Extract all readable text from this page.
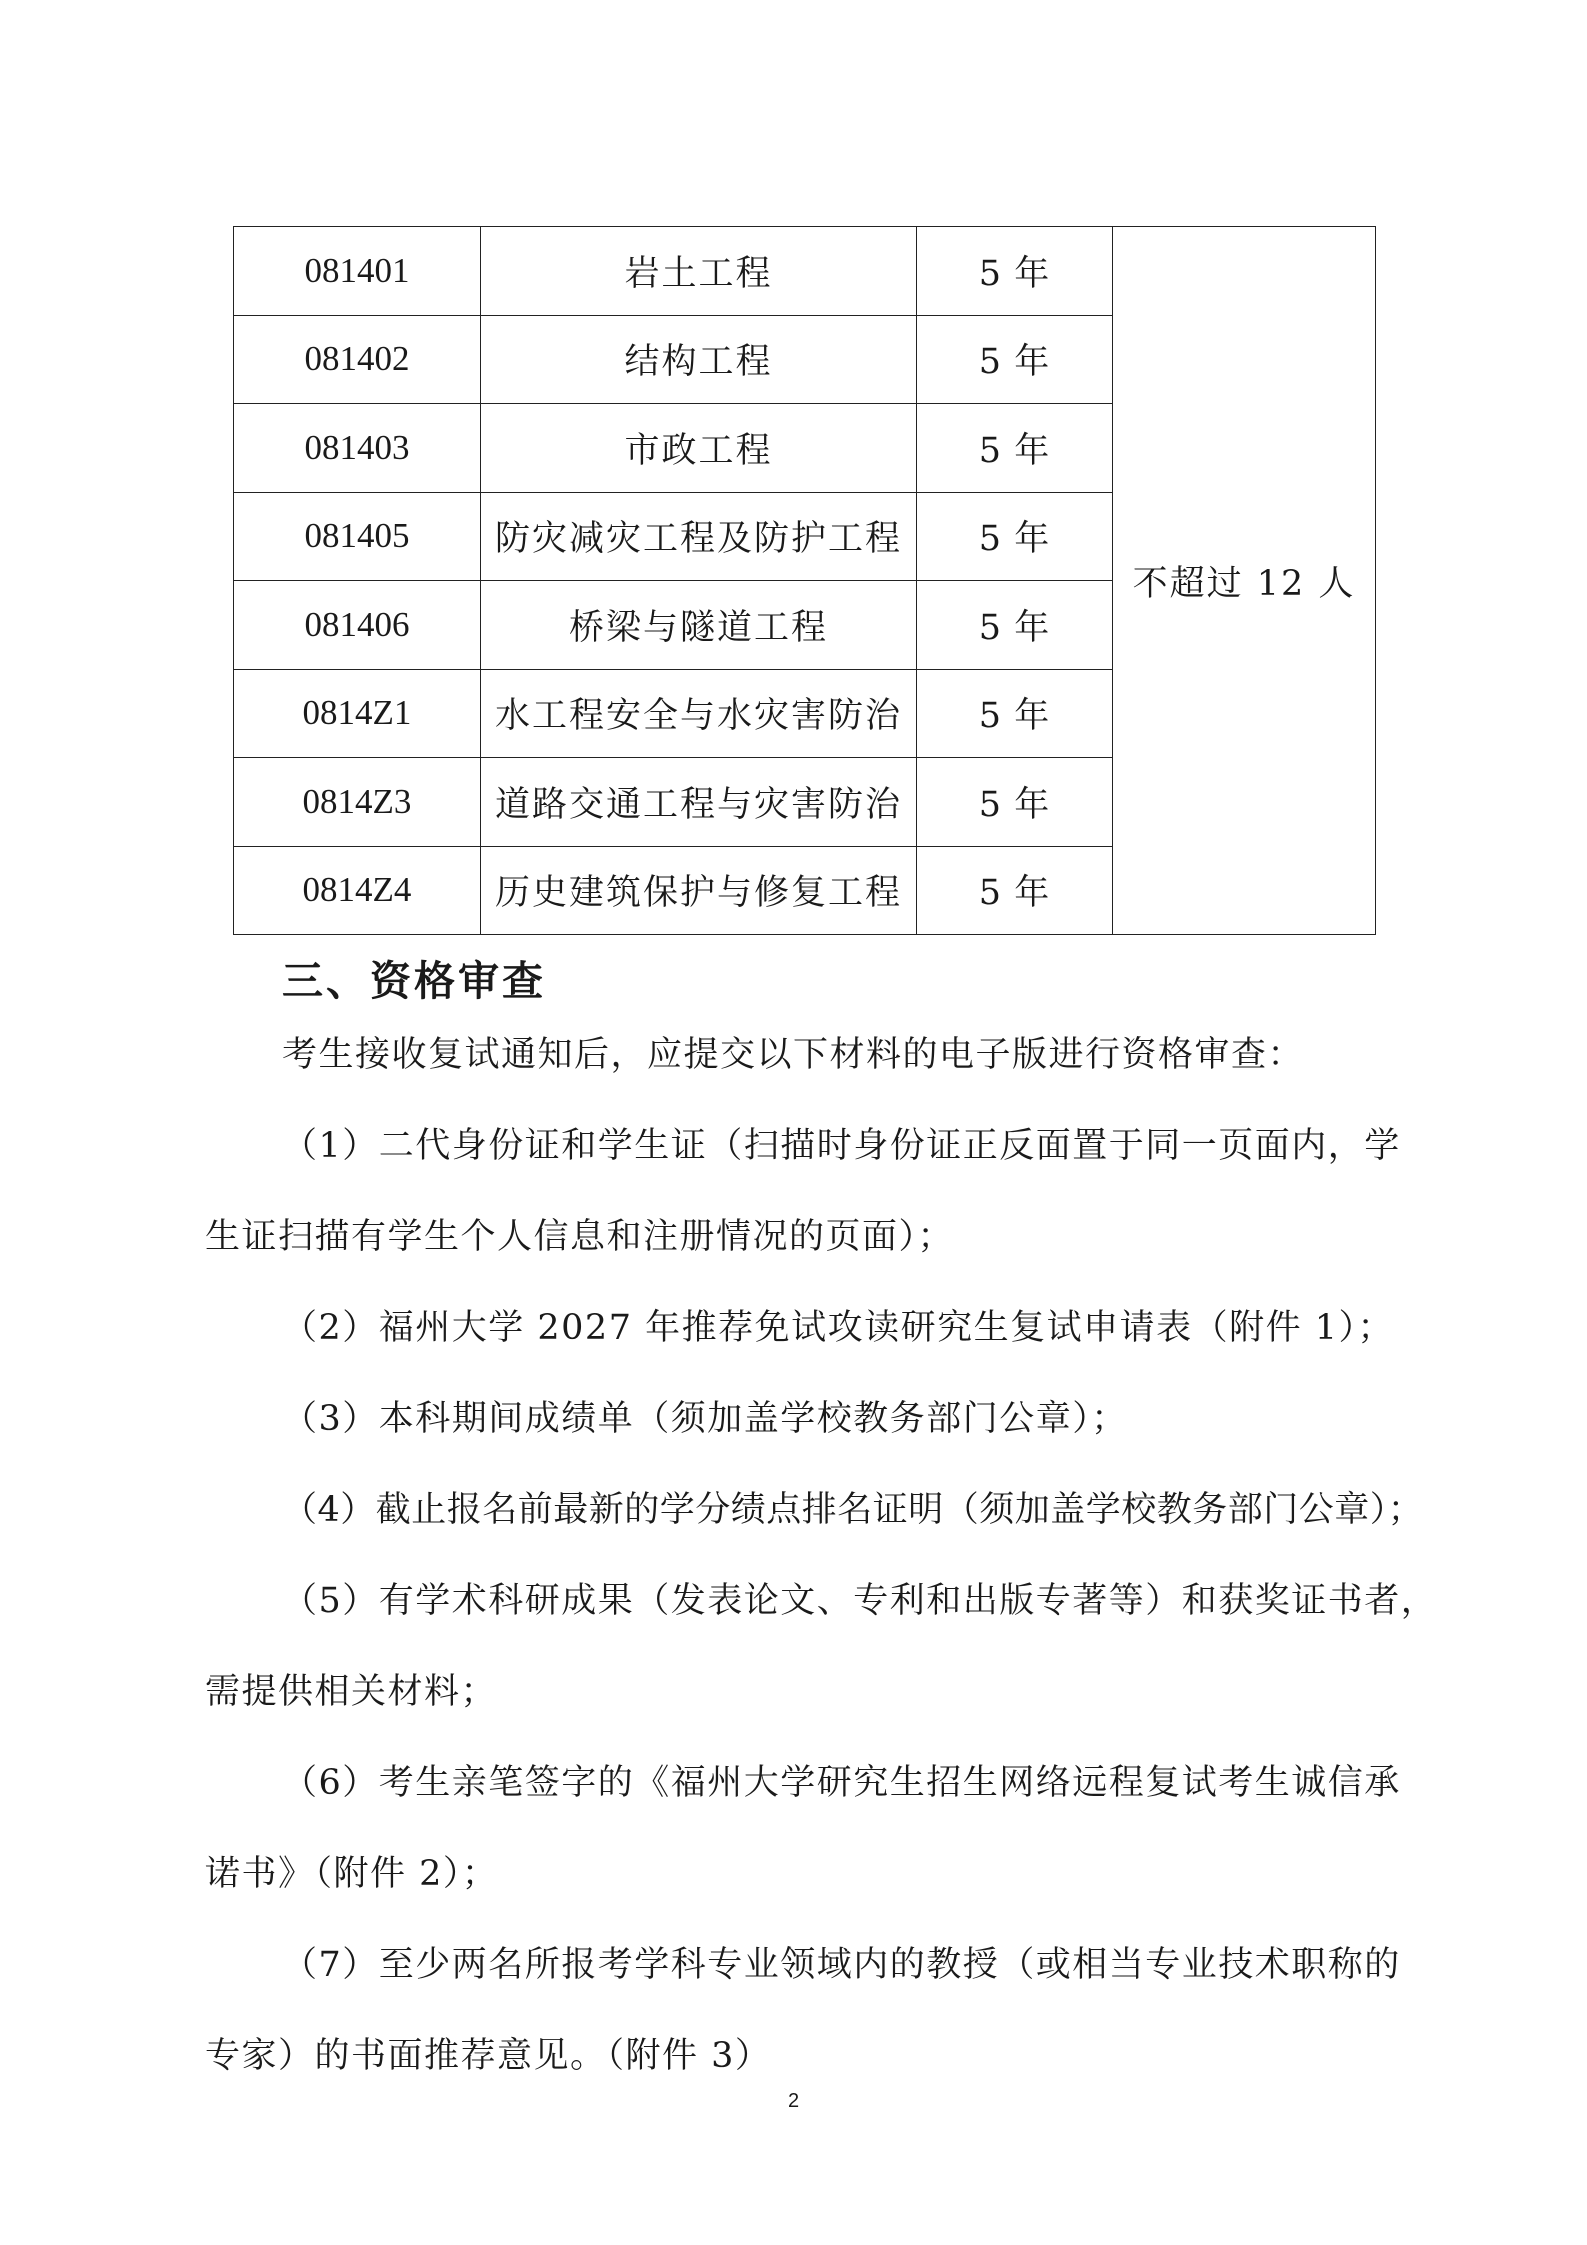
081401	岩土工程	5 年	不超过 12 人
081402	结构工程	5 年	
081403	市政工程	5 年	
081405	防灾减灾工程及防护工程	5 年	
081406	桥梁与隧道工程	5 年	
0814Z1	水工程安全与水灾害防治	5 年	
0814Z3	道路交通工程与灾害防治	5 年	
0814Z4	历史建筑保护与修复工程	5 年	
三、资格审查
考生接收复试通知后，应提交以下材料的电子版进行资格审查：
（1）二代身份证和学生证（扫描时身份证正反面置于同一页面内，学
生证扫描有学生个人信息和注册情况的页面）；
（2）福州大学 2027 年推荐免试攻读研究生复试申请表（附件 1）；
（3）本科期间成绩单（须加盖学校教务部门公章）；
（4）截止报名前最新的学分绩点排名证明（须加盖学校教务部门公章）；
（5）有学术科研成果（发表论文、专利和出版专著等）和获奖证书者，
需提供相关材料；
（6）考生亲笔签字的《福州大学研究生招生网络远程复试考生诚信承
诺书》（附件 2）；
（7）至少两名所报考学科专业领域内的教授（或相当专业技术职称的
专家）的书面推荐意见。（附件 3）
2
